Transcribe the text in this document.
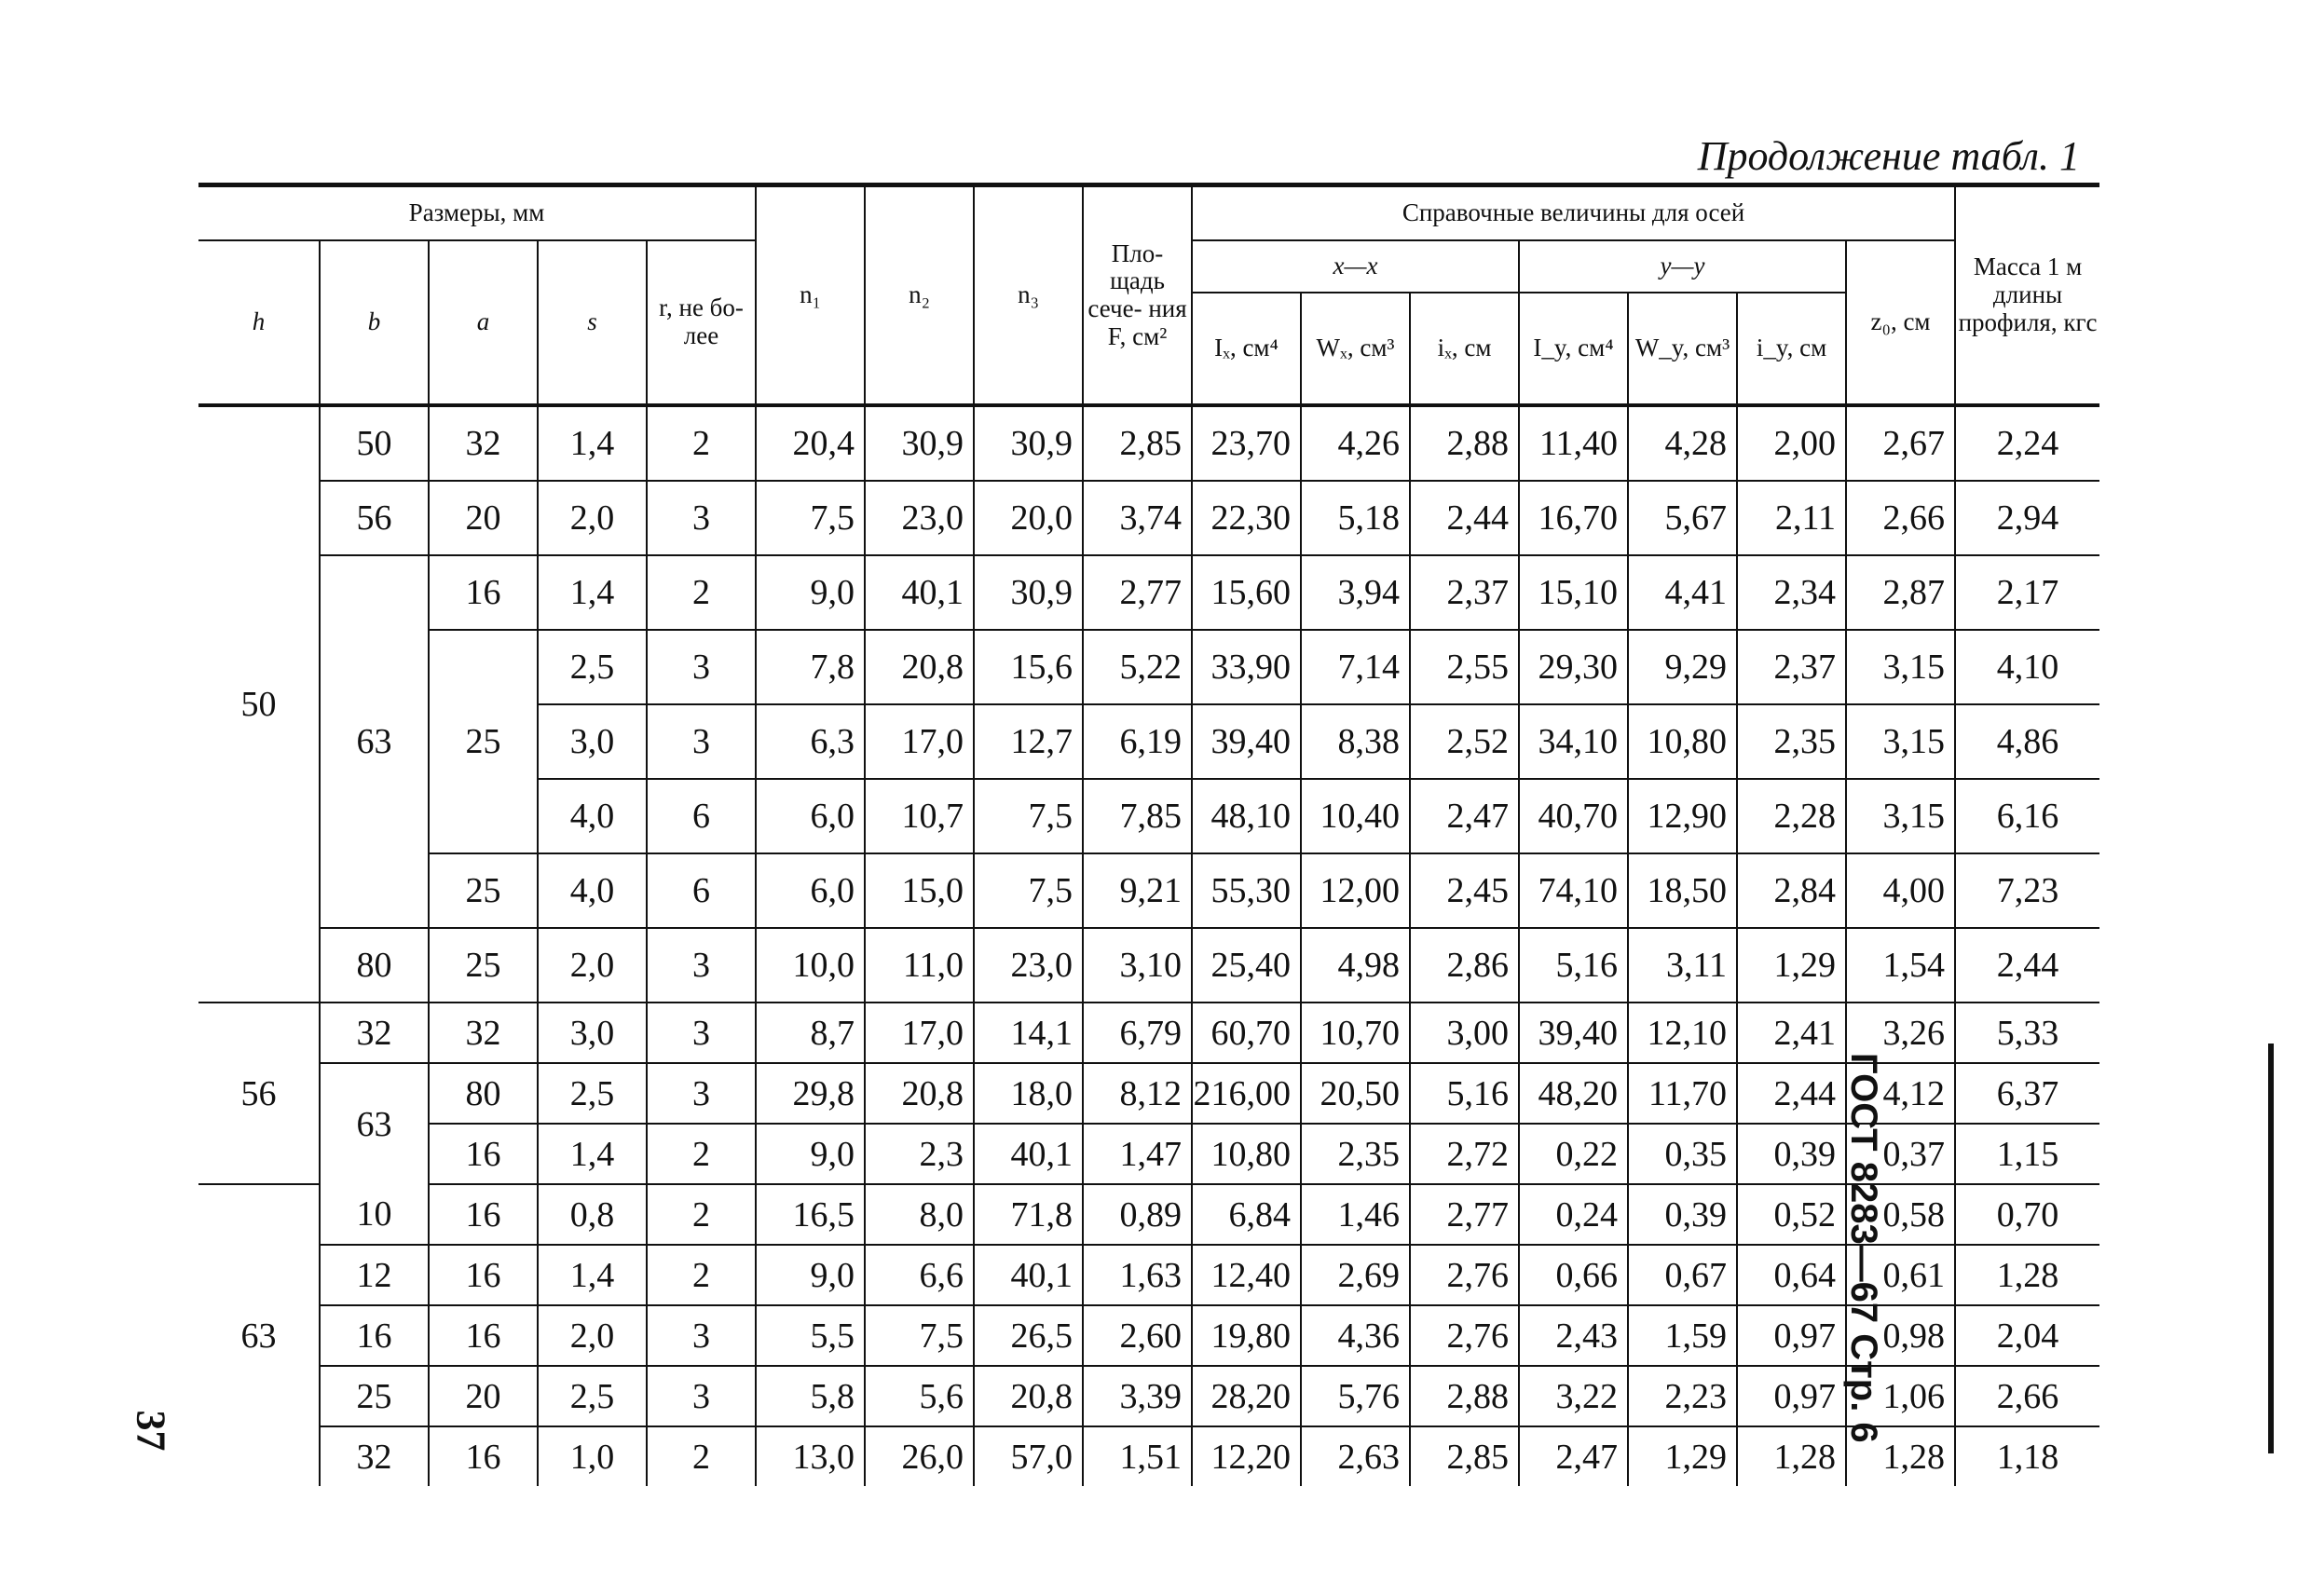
Продолжение табл. 1
Размеры, мм					n₁	n₂	n₃	Пло- щадь сече- ния F, см²	Справочные величины для осей							Масса 1 м длины профиля, кгс
h	b	a	s	r, не бо- лее					x—x			y—y			z₀, см	
									Iₓ, см⁴	Wₓ, см³	iₓ, см	I_y, см⁴	W_y, см³	i_y, см		

50	50	32	1,4	2	20,4	30,9	30,9	2,85	23,70	4,26	2,88	11,40	4,28	2,00	2,67	2,24
	56	20	2,0	3	7,5	23,0	20,0	3,74	22,30	5,18	2,44	16,70	5,67	2,11	2,66	2,94
	63	16	1,4	2	9,0	40,1	30,9	2,77	15,60	3,94	2,37	15,10	4,41	2,34	2,87	2,17
		25	2,5	3	7,8	20,8	15,6	5,22	33,90	7,14	2,55	29,30	9,29	2,37	3,15	4,10
			3,0	3	6,3	17,0	12,7	6,19	39,40	8,38	2,52	34,10	10,80	2,35	3,15	4,86
			4,0	6	6,0	10,7	7,5	7,85	48,10	10,40	2,47	40,70	12,90	2,28	3,15	6,16
		25	4,0	6	6,0	15,0	7,5	9,21	55,30	12,00	2,45	74,10	18,50	2,84	4,00	7,23
	80	25	2,0	3	10,0	11,0	23,0	3,10	25,40	4,98	2,86	5,16	3,11	1,29	1,54	2,44
56	32	32	3,0	3	8,7	17,0	14,1	6,79	60,70	10,70	3,00	39,40	12,10	2,41	3,26	5,33
	63	80	2,5	3	29,8	20,8	18,0	8,12	216,00	20,50	5,16	48,20	11,70	2,44	4,12	6,37
		16	1,4	2	9,0	2,3	40,1	1,47	10,80	2,35	2,72	0,22	0,35	0,39	0,37	1,15
63	10	16	0,8	2	16,5	8,0	71,8	0,89	6,84	1,46	2,77	0,24	0,39	0,52	0,58	0,70
	12	16	1,4	2	9,0	6,6	40,1	1,63	12,40	2,69	2,76	0,66	0,67	0,64	0,61	1,28
	16	16	2,0	3	5,5	7,5	26,5	2,60	19,80	4,36	2,76	2,43	1,59	0,97	0,98	2,04
	25	20	2,5	3	5,8	5,6	20,8	3,39	28,20	5,76	2,88	3,22	2,23	0,97	1,06	2,66
	32	16	1,0	2	13,0	26,0	57,0	1,51	12,20	2,63	2,85	2,47	1,29	1,28	1,28	1,18
ГОСТ 8283—67 Стр. 6
37
